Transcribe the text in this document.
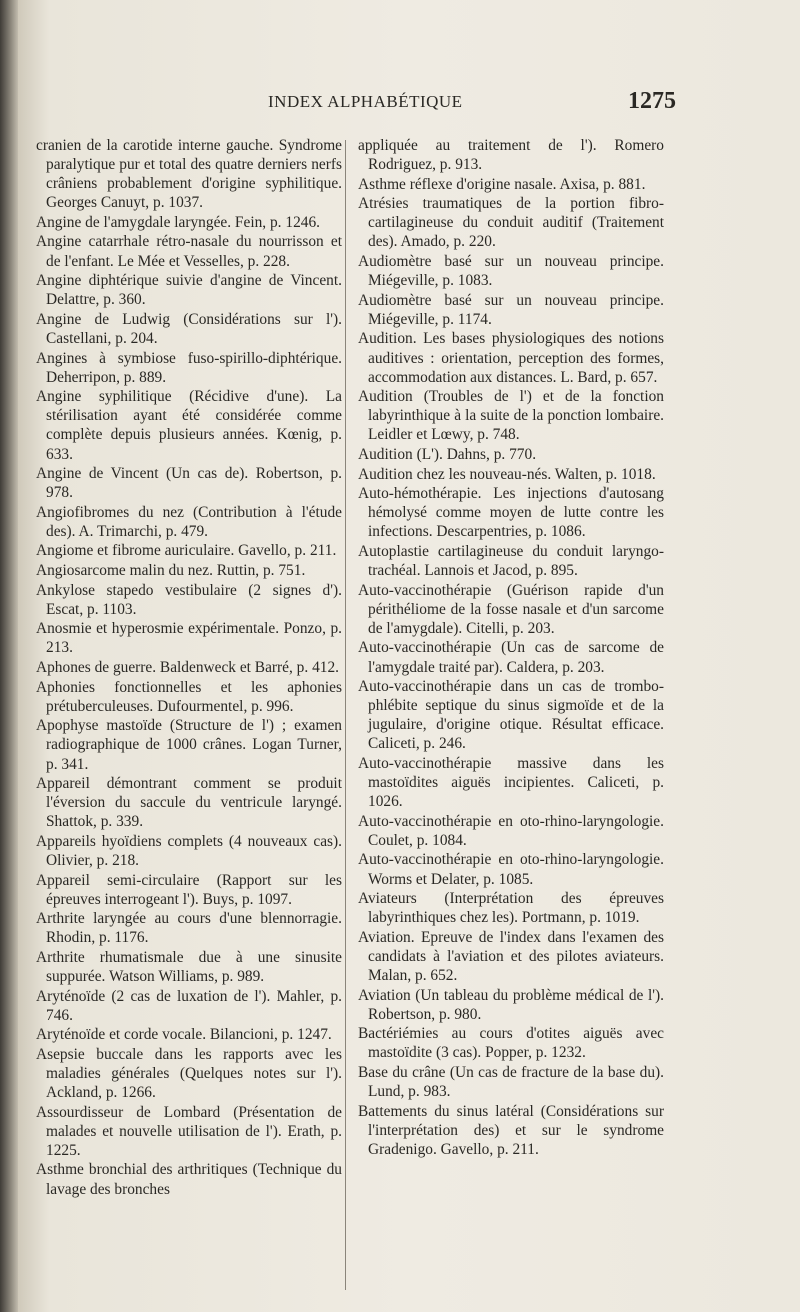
INDEX ALPHABÉTIQUE	1275

cranien de la carotide interne gauche. Syndrome paralytique pur et total des quatre derniers nerfs crâniens probablement d'origine syphilitique. Georges Canuyt, p. 1037.

Angine de l'amygdale laryngée. Fein, p. 1246.

Angine catarrhale rétro-nasale du nourrisson et de l'enfant. Le Mée et Vesselles, p. 228.

Angine diphtérique suivie d'angine de Vincent. Delattre, p. 360.

Angine de Ludwig (Considérations sur l'). Castellani, p. 204.

Angines à symbiose fuso-spirillo-diphtérique. Deherripon, p. 889.

Angine syphilitique (Récidive d'une). La stérilisation ayant été considérée comme complète depuis plusieurs années. Kœnig, p. 633.

Angine de Vincent (Un cas de). Robertson, p. 978.

Angiofibromes du nez (Contribution à l'étude des). A. Trimarchi, p. 479.

Angiome et fibrome auriculaire. Gavello, p. 211.

Angiosarcome malin du nez. Ruttin, p. 751.

Ankylose stapedo vestibulaire (2 signes d'). Escat, p. 1103.

Anosmie et hyperosmie expérimentale. Ponzo, p. 213.

Aphones de guerre. Baldenweck et Barré, p. 412.

Aphonies fonctionnelles et les aphonies prétuberculeuses. Dufourmentel, p. 996.

Apophyse mastoïde (Structure de l') ; examen radiographique de 1000 crânes. Logan Turner, p. 341.

Appareil démontrant comment se produit l'éversion du saccule du ventricule laryngé. Shattok, p. 339.

Appareils hyoïdiens complets (4 nouveaux cas). Olivier, p. 218.

Appareil semi-circulaire (Rapport sur les épreuves interrogeant l'). Buys, p. 1097.

Arthrite laryngée au cours d'une blennorragie. Rhodin, p. 1176.

Arthrite rhumatismale due à une sinusite suppurée. Watson Williams, p. 989.

Aryténoïde (2 cas de luxation de l'). Mahler, p. 746.

Aryténoïde et corde vocale. Bilancioni, p. 1247.

Asepsie buccale dans les rapports avec les maladies générales (Quelques notes sur l'). Ackland, p. 1266.

Assourdisseur de Lombard (Présentation de malades et nouvelle utilisation de l'). Erath, p. 1225.

Asthme bronchial des arthritiques (Technique du lavage des bronches

appliquée au traitement de l'). Romero Rodriguez, p. 913.

Asthme réflexe d'origine nasale. Axisa, p. 881.

Atrésies traumatiques de la portion fibro-cartilagineuse du conduit auditif (Traitement des). Amado, p. 220.

Audiomètre basé sur un nouveau principe. Miégeville, p. 1083.

Audiomètre basé sur un nouveau principe. Miégeville, p. 1174.

Audition. Les bases physiologiques des notions auditives : orientation, perception des formes, accommodation aux distances. L. Bard, p. 657.

Audition (Troubles de l') et de la fonction labyrinthique à la suite de la ponction lombaire. Leidler et Lœwy, p. 748.

Audition (L'). Dahns, p. 770.

Audition chez les nouveau-nés. Walten, p. 1018.

Auto-hémothérapie. Les injections d'autosang hémolysé comme moyen de lutte contre les infections. Descarpentries, p. 1086.

Autoplastie cartilagineuse du conduit laryngo-trachéal. Lannois et Jacod, p. 895.

Auto-vaccinothérapie (Guérison rapide d'un périthéliome de la fosse nasale et d'un sarcome de l'amygdale). Citelli, p. 203.

Auto-vaccinothérapie (Un cas de sarcome de l'amygdale traité par). Calderа, p. 203.

Auto-vaccinothérapie dans un cas de trombo-phlébite septique du sinus sigmoïde et de la jugulaire, d'origine otique. Résultat efficace. Caliceti, p. 246.

Auto-vaccinothérapie massive dans les mastoïdites aiguës incipientes. Caliceti, p. 1026.

Auto-vaccinothérapie en oto-rhino-laryngologie. Coulet, p. 1084.

Auto-vaccinothérapie en oto-rhino-laryngologie. Worms et Delater, p. 1085.

Aviateurs (Interprétation des épreuves labyrinthiques chez les). Portmann, p. 1019.

Aviation. Epreuve de l'index dans l'examen des candidats à l'aviation et des pilotes aviateurs. Malan, p. 652.

Aviation (Un tableau du problème médical de l'). Robertson, p. 980.

Bactériémies au cours d'otites aiguës avec mastoïdite (3 cas). Popper, p. 1232.

Base du crâne (Un cas de fracture de la base du). Lund, p. 983.

Battements du sinus latéral (Considérations sur l'interprétation des) et sur le syndrome Gradenigo. Gavello, p. 211.
